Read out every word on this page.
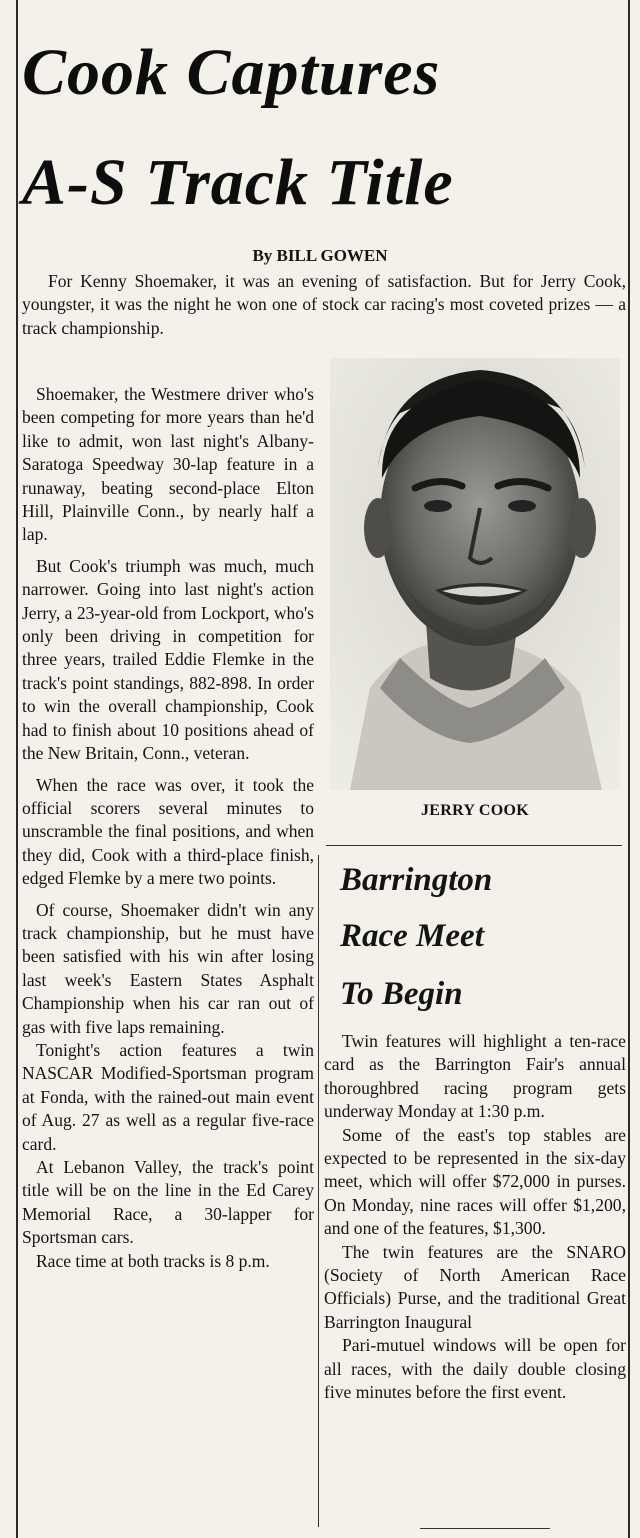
Cook Captures
A-S Track Title
By BILL GOWEN

For Kenny Shoemaker, it was an evening of satisfaction. But for Jerry Cook, youngster, it was the night he won one of stock car racing's most coveted prizes — a track championship.

Shoemaker, the Westmere driver who's been competing for more years than he'd like to admit, won last night's Albany-Saratoga Speedway 30-lap feature in a runaway, beating second-place Elton Hill, Plainville Conn., by nearly half a lap.

But Cook's triumph was much, much narrower. Going into last night's action Jerry, a 23-year-old from Lockport, who's only been driving in competition for three years, trailed Eddie Flemke in the track's point standings, 882-898. In order to win the overall championship, Cook had to finish about 10 positions ahead of the New Britain, Conn., veteran.

When the race was over, it took the official scorers several minutes to unscramble the final positions, and when they did, Cook with a third-place finish, edged Flemke by a mere two points.

Of course, Shoemaker didn't win any track championship, but he must have been satisfied with his win after losing last week's Eastern States Asphalt Championship when his car ran out of gas with five laps remaining.

Tonight's action features a twin NASCAR Modified-Sportsman program at Fonda, with the rained-out main event of Aug. 27 as well as a regular five-race card.

At Lebanon Valley, the track's point title will be on the line in the Ed Carey Memorial Race, a 30-lapper for Sportsman cars.

Race time at both tracks is 8 p.m.

JERRY COOK
Barrington
Race Meet
To Begin

Twin features will highlight a ten-race card as the Barrington Fair's annual thoroughbred racing program gets underway Monday at 1:30 p.m.

Some of the east's top stables are expected to be represented in the six-day meet, which will offer $72,000 in purses. On Monday, nine races will offer $1,200, and one of the features, $1,300.

The twin features are the SNARO (Society of North American Race Officials) Purse, and the traditional Great Barrington Inaugural

Pari-mutuel windows will be open for all races, with the daily double closing five minutes before the first event.
